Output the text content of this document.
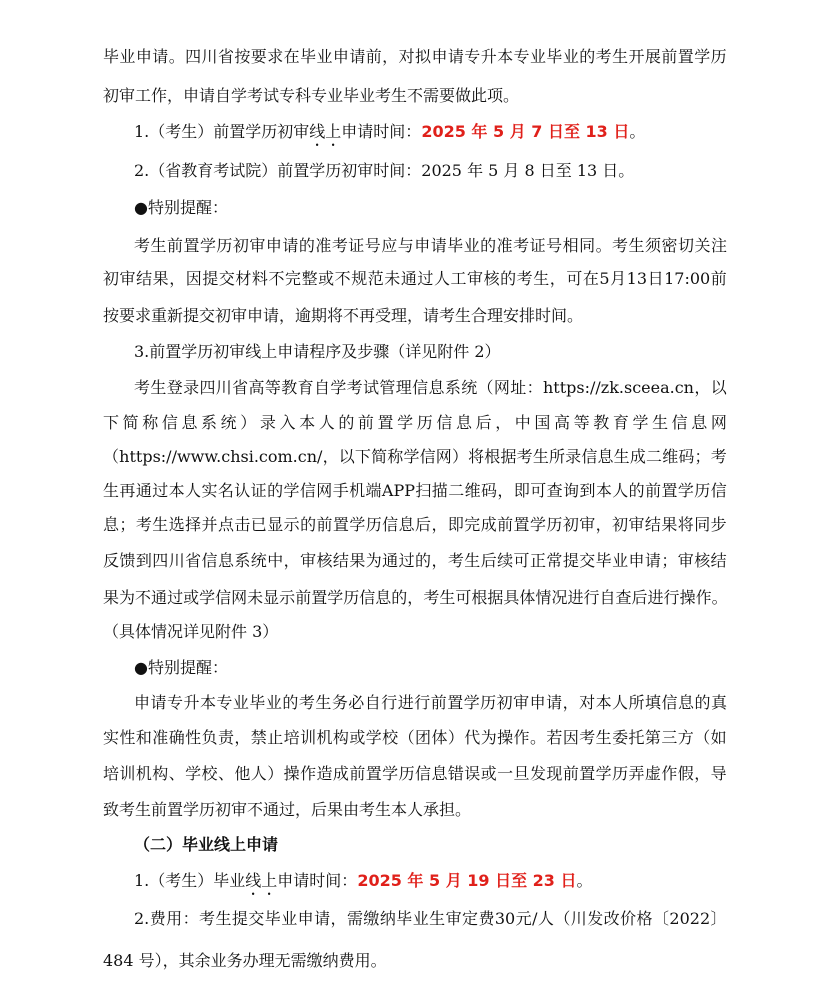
毕 业 申 请 。 四 川 省 按 要 求 在 毕 业 申 请 前 ， 对 拟 申 请 专 升 本 专 业 毕 业 的 考 生 开 展 前 置 学 历
初审工作，申请自学考试专科专业毕业考生不需要做此项。
1.（考生）前置学历初审线上申请时间：2025 年 5 月 7 日至 13 日。
2.（省教育考试院）前置学历初审时间：2025 年 5 月 8 日至 13 日。
●特别提醒：
考 生 前 置 学 历 初 审 申 请 的 准 考 证 号 应 与 申 请 毕 业 的 准 考 证 号 相 同 。 考 生 须 密 切 关 注
初 审 结 果 ， 因 提 交 材 料 不 完 整 或 不 规 范 未 通 过 人 工 审 核 的 考 生 ， 可 在 5 月 13 日 17:00 前
按要求重新提交初审申请，逾期将不再受理，请考生合理安排时间。
3.前置学历初审线上申请程序及步骤（详见附件 2）
考 生 登 录 四 川 省 高 等 教 育 自 学 考 试 管 理 信 息 系 统 （ 网 址 ： https://zk.sceea.cn ， 以
下 简 称 信 息 系 统 ） 录 入 本 人 的 前 置 学 历 信 息 后 ， 中 国 高 等 教 育 学 生 信 息 网
（ https://www.chsi.com.cn/ ， 以 下 简 称 学 信 网 ） 将 根 据 考 生 所 录 信 息 生 成 二 维 码 ； 考
生 再 通 过 本 人 实 名 认 证 的 学 信 网 手 机 端 APP 扫 描 二 维 码 ， 即 可 查 询 到 本 人 的 前 置 学 历 信
息 ； 考 生 选 择 并 点 击 已 显 示 的 前 置 学 历 信 息 后 ， 即 完 成 前 置 学 历 初 审 ， 初 审 结 果 将 同 步
反 馈 到 四 川 省 信 息 系 统 中 ， 审 核 结 果 为 通 过 的 ， 考 生 后 续 可 正 常 提 交 毕 业 申 请 ； 审 核 结
果 为 不 通 过 或 学 信 网 未 显 示 前 置 学 历 信 息 的 ， 考 生 可 根 据 具 体 情 况 进 行 自 查 后 进 行 操 作 。
（具体情况详见附件 3）
●特别提醒：
申 请 专 升 本 专 业 毕 业 的 考 生 务 必 自 行 进 行 前 置 学 历 初 审 申 请 ， 对 本 人 所 填 信 息 的 真
实 性 和 准 确 性 负 责 ， 禁 止 培 训 机 构 或 学 校 （ 团 体 ） 代 为 操 作 。 若 因 考 生 委 托 第 三 方 （ 如
培 训 机 构 、 学 校 、 他 人 ） 操 作 造 成 前 置 学 历 信 息 错 误 或 一 旦 发 现 前 置 学 历 弄 虚 作 假 ， 导
致考生前置学历初审不通过，后果由考生本人承担。
（二）毕业线上申请
1.（考生）毕业线上申请时间：2025 年 5 月 19 日至 23 日。
2. 费 用 ： 考 生 提 交 毕 业 申 请 ， 需 缴 纳 毕 业 生 审 定 费 30 元 / 人 （ 川 发 改 价 格 〔 2022 〕
484 号），其余业务办理无需缴纳费用。
